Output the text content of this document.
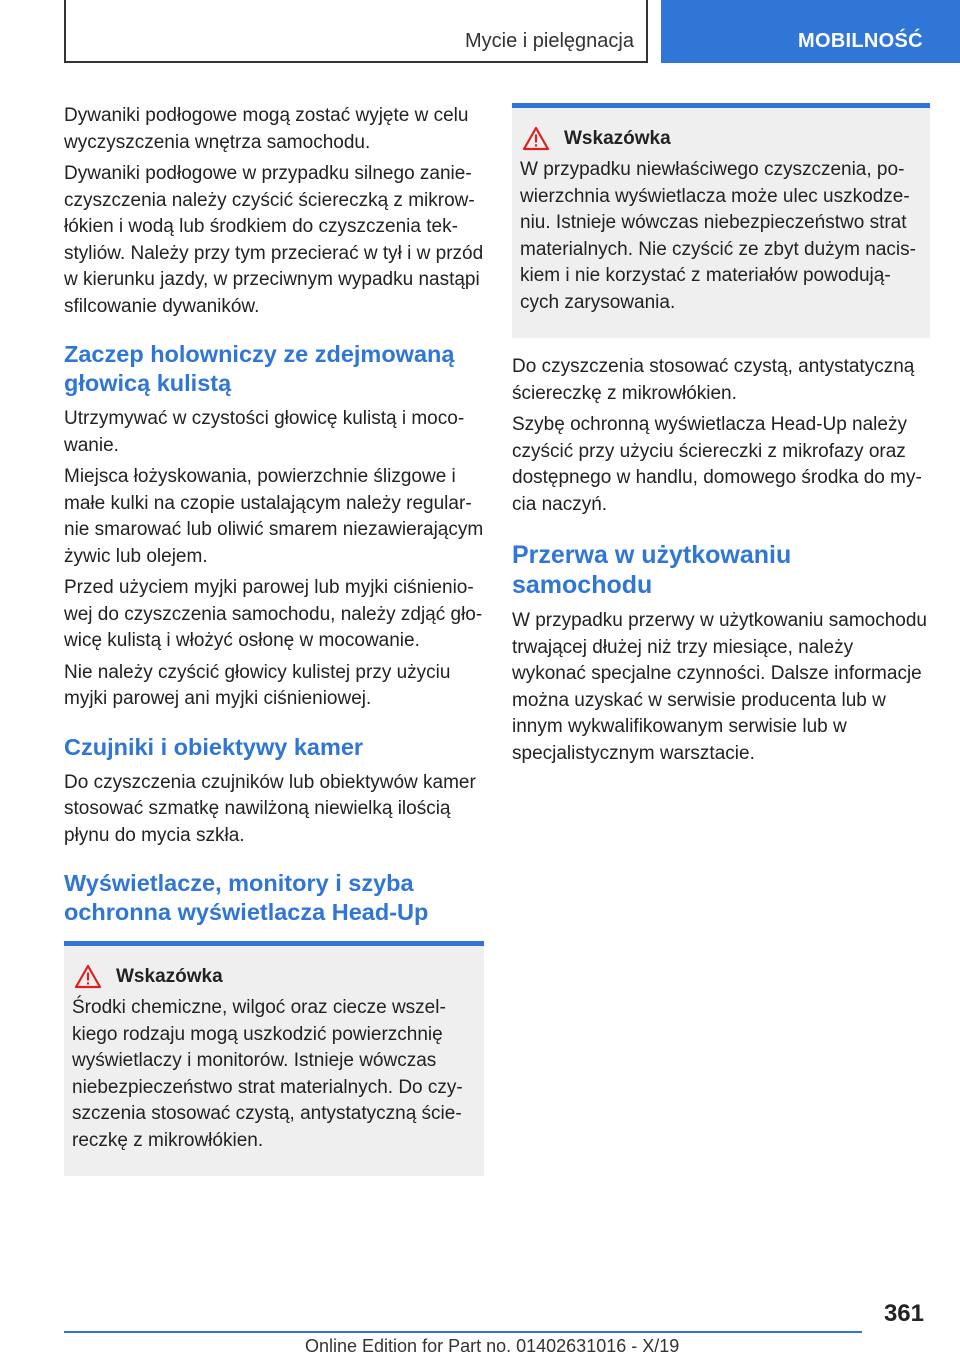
Mycie i pielęgnacja	MOBILNOŚĆ

Dywaniki podłogowe mogą zostać wyjęte w celu wyczyszczenia wnętrza samochodu.

Dywaniki podłogowe w przypadku silnego zanieczyszczenia należy czyścić ściereczką z mikrowłókien i wodą lub środkiem do czyszczenia tekstyliów. Należy przy tym przecierać w tył i w przód w kierunku jazdy, w przeciwnym wypadku nastąpi sfilcowanie dywaników.

Zaczep holowniczy ze zdejmowaną głowicą kulistą

Utrzymywać w czystości głowicę kulistą i mocowanie.

Miejsca łożyskowania, powierzchnie ślizgowe i małe kulki na czopie ustalającym należy regularnie smarować lub oliwić smarem niezawierającym żywic lub olejem.

Przed użyciem myjki parowej lub myjki ciśnieniowej do czyszczenia samochodu, należy zdjąć głowicę kulistą i włożyć osłonę w mocowanie.

Nie należy czyścić głowicy kulistej przy użyciu myjki parowej ani myjki ciśnieniowej.

Czujniki i obiektywy kamer

Do czyszczenia czujników lub obiektywów kamer stosować szmatkę nawilżoną niewielką ilością płynu do mycia szkła.

Wyświetlacze, monitory i szyba ochronna wyświetlacza Head-Up
Wskazówka

Środki chemiczne, wilgoć oraz ciecze wszelkiego rodzaju mogą uszkodzić powierzchnię wyświetlaczy i monitorów. Istnieje wówczas niebezpieczeństwo strat materialnych. Do czyszczenia stosować czystą, antystatyczną ściereczkę z mikrowłókien.

Wskazówka

W przypadku niewłaściwego czyszczenia, powierzchnia wyświetlacza może ulec uszkodzeniu. Istnieje wówczas niebezpieczeństwo strat materialnych. Nie czyścić ze zbyt dużym naciskiem i nie korzystać z materiałów powodujących zarysowania.

Do czyszczenia stosować czystą, antystatyczną ściereczkę z mikrowłókien.

Szybę ochronną wyświetlacza Head-Up należy czyścić przy użyciu ściereczki z mikrofazy oraz dostępnego w handlu, domowego środka do mycia naczyń.

Przerwa w użytkowaniu samochodu

W przypadku przerwy w użytkowaniu samochodu trwającej dłużej niż trzy miesiące, należy wykonać specjalne czynności. Dalsze informacje można uzyskać w serwisie producenta lub w innym wykwalifikowanym serwisie lub w specjalistycznym warsztacie.

361
Online Edition for Part no. 01402631016 - X/19
